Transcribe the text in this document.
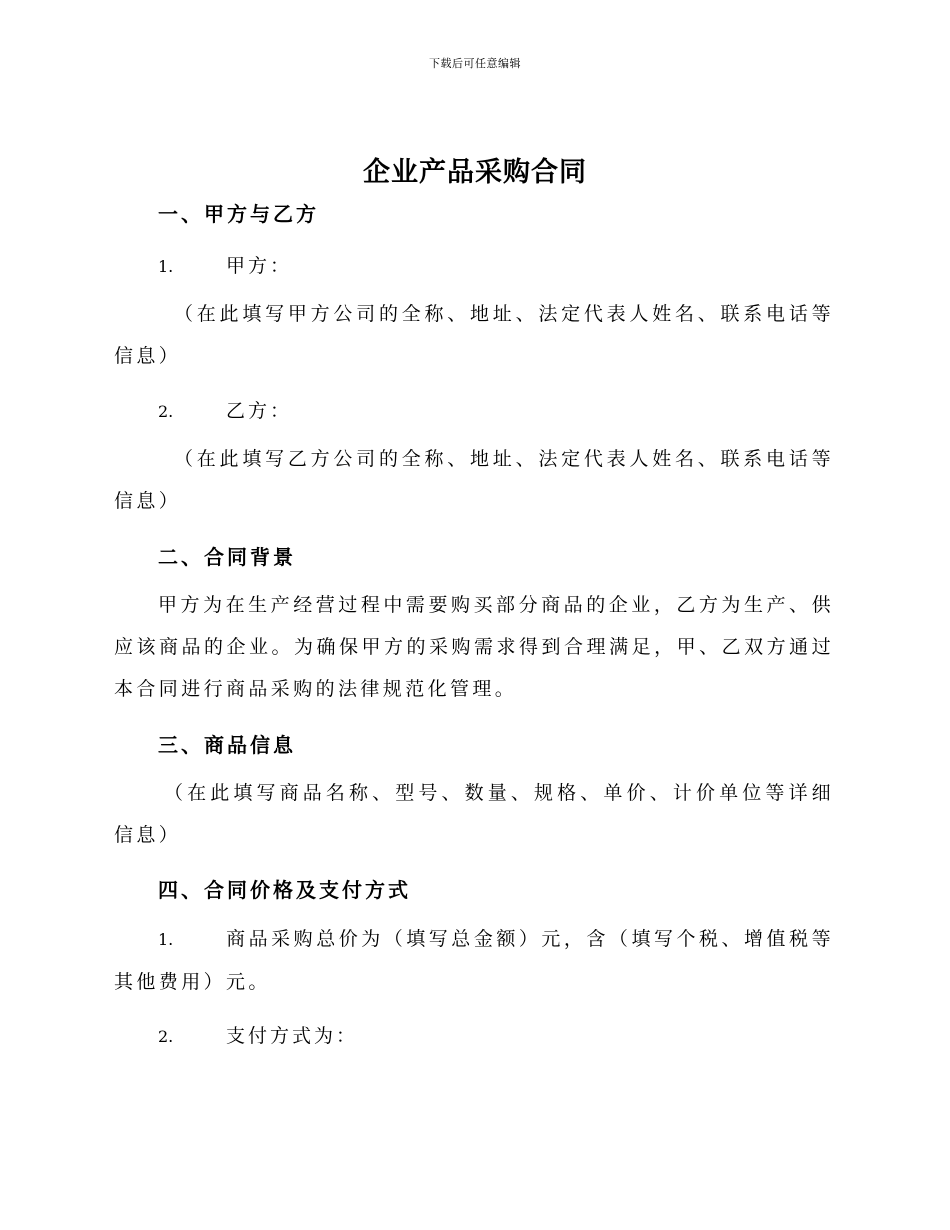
下载后可任意编辑
企业产品采购合同
一、甲方与乙方
1.	甲方：
（在此填写甲方公司的全称、地址、法定代表人姓名、联系电话等信息）
2.	乙方：
（在此填写乙方公司的全称、地址、法定代表人姓名、联系电话等信息）
二、合同背景
甲方为在生产经营过程中需要购买部分商品的企业，乙方为生产、供应该商品的企业。为确保甲方的采购需求得到合理满足，甲、乙双方通过本合同进行商品采购的法律规范化管理。
三、商品信息
（在此填写商品名称、型号、数量、规格、单价、计价单位等详细信息）
四、合同价格及支付方式
1.	商品采购总价为（填写总金额）元，含（填写个税、增值税等其他费用）元。
2.	支付方式为：
